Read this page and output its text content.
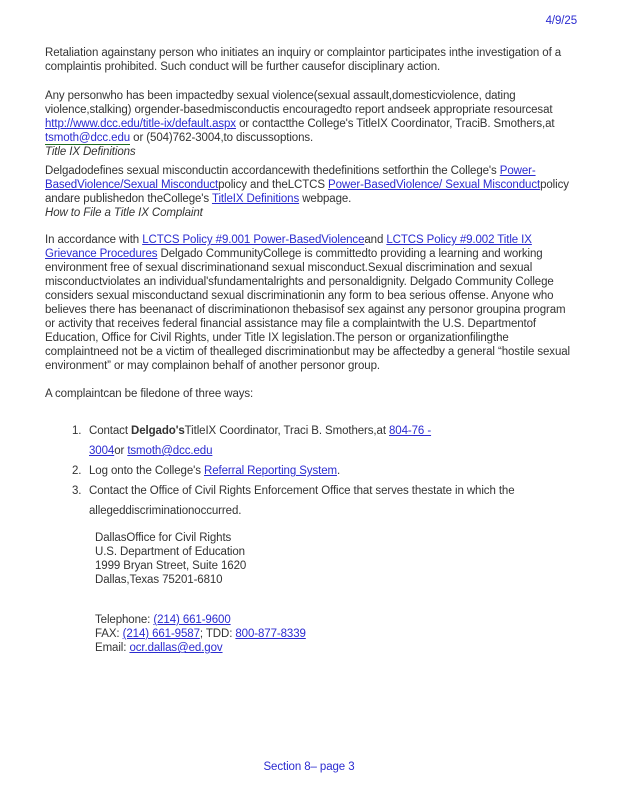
4/9/25

Retaliation againstany person who initiates an inquiry or complaintor participates inthe investigation of a complaintis prohibited. Such conduct will be further causefor disciplinary action.

Any personwho has been impactedby sexual violence(sexual assault,domesticviolence, dating violence,stalking) orgender-basedmisconductis encouragedto report andseek appropriate resourcesat http://www.dcc.edu/title-ix/default.aspx or contactthe College's TitleIX Coordinator, TraciB. Smothers,at tsmoth@dcc.edu or (504)762-3004,to discussoptions.

Title IX Definitions

Delgadodefines sexual misconductin accordancewith thedefinitions setforthin the College's Power-BasedViolence/Sexual Misconductpolicy and theLCTCS Power-BasedViolence/ Sexual Misconductpolicy andare publishedon theCollege's TitleIX Definitions webpage.

How to File a Title IX Complaint

In accordance with LCTCS Policy #9.001 Power-BasedViolenceand LCTCS Policy #9.002 Title IX Grievance Procedures Delgado CommunityCollege is committedto providing a learning and working environment free of sexual discriminationand sexual misconduct.Sexual discrimination and sexual misconductviolates an individual'sfundamentalrights and personaldignity. Delgado Community College considers sexual misconductand sexual discriminationin any form to bea serious offense. Anyone who believes there has beenanact of discriminationon thebasisof sex against any personor groupina program or activity that receives federal financial assistance may file a complaintwith the U.S. Departmentof Education, Office for Civil Rights, under Title IX legislation.The person or organizationfilingthe complaintneed not be a victim of thealleged discriminationbut may be affectedby a general “hostile sexual environment” or may complainon behalf of another personor group.

A complaintcan be filedone of three ways:

1. Contact Delgado'sTitleIX Coordinator, Traci B. Smothers,at 804-76 -
3004or tsmoth@dcc.edu
2. Log onto the College's Referral Reporting System.
3. Contact the Office of Civil Rights Enforcement Office that serves thestate in which the allegeddiscriminationoccurred.
DallasOffice for Civil Rights
U.S. Department of Education
1999 Bryan Street, Suite 1620
Dallas,Texas 75201-6810
Telephone: (214) 661-9600
FAX: (214) 661-9587; TDD: 800-877-8339
Email: ocr.dallas@ed.gov
Section 8– page 3
